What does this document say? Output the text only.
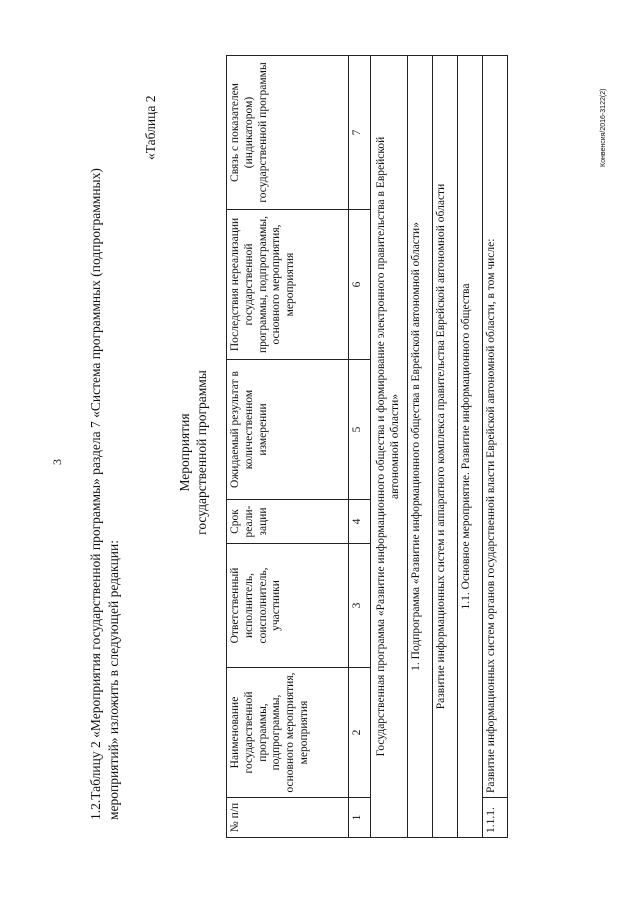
3 1.2.Таблицу 2 «Мероприятия государственной программы» раздела 7 «Система программных (подпрограммных) мероприятий» изложить в следующей редакции:
«Таблица 2
Мероприятия государственной программы
№ п/п	Наименование государственной программы, подпрограммы, основного мероприятия, мероприятия	Ответственный исполнитель, соисполнитель, участники	Срок реали-зации	Ожидаемый результат в количественном измерении	Последствия нереализации государственной программы, подпрограммы, основного мероприятия, мероприятия	Связь с показателем (индикатором) государственной программы
1	2	3	4	5	6	7
Государственная программа «Развитие информационного общества и формирование электронного правительства в Еврейской автономной области»						
1. Подпрограмма «Развитие информационного общества в Еврейской автономной области»						
Развитие информационных систем и аппаратного комплекса правительства Еврейской автономной области						
1.1. Основное мероприятие. Развитие информационного общества						
1.1.1.	Развитие информационных систем органов государственной власти Еврейской автономной области, в том числе:					
Конвенсия/2016-3122(2)
